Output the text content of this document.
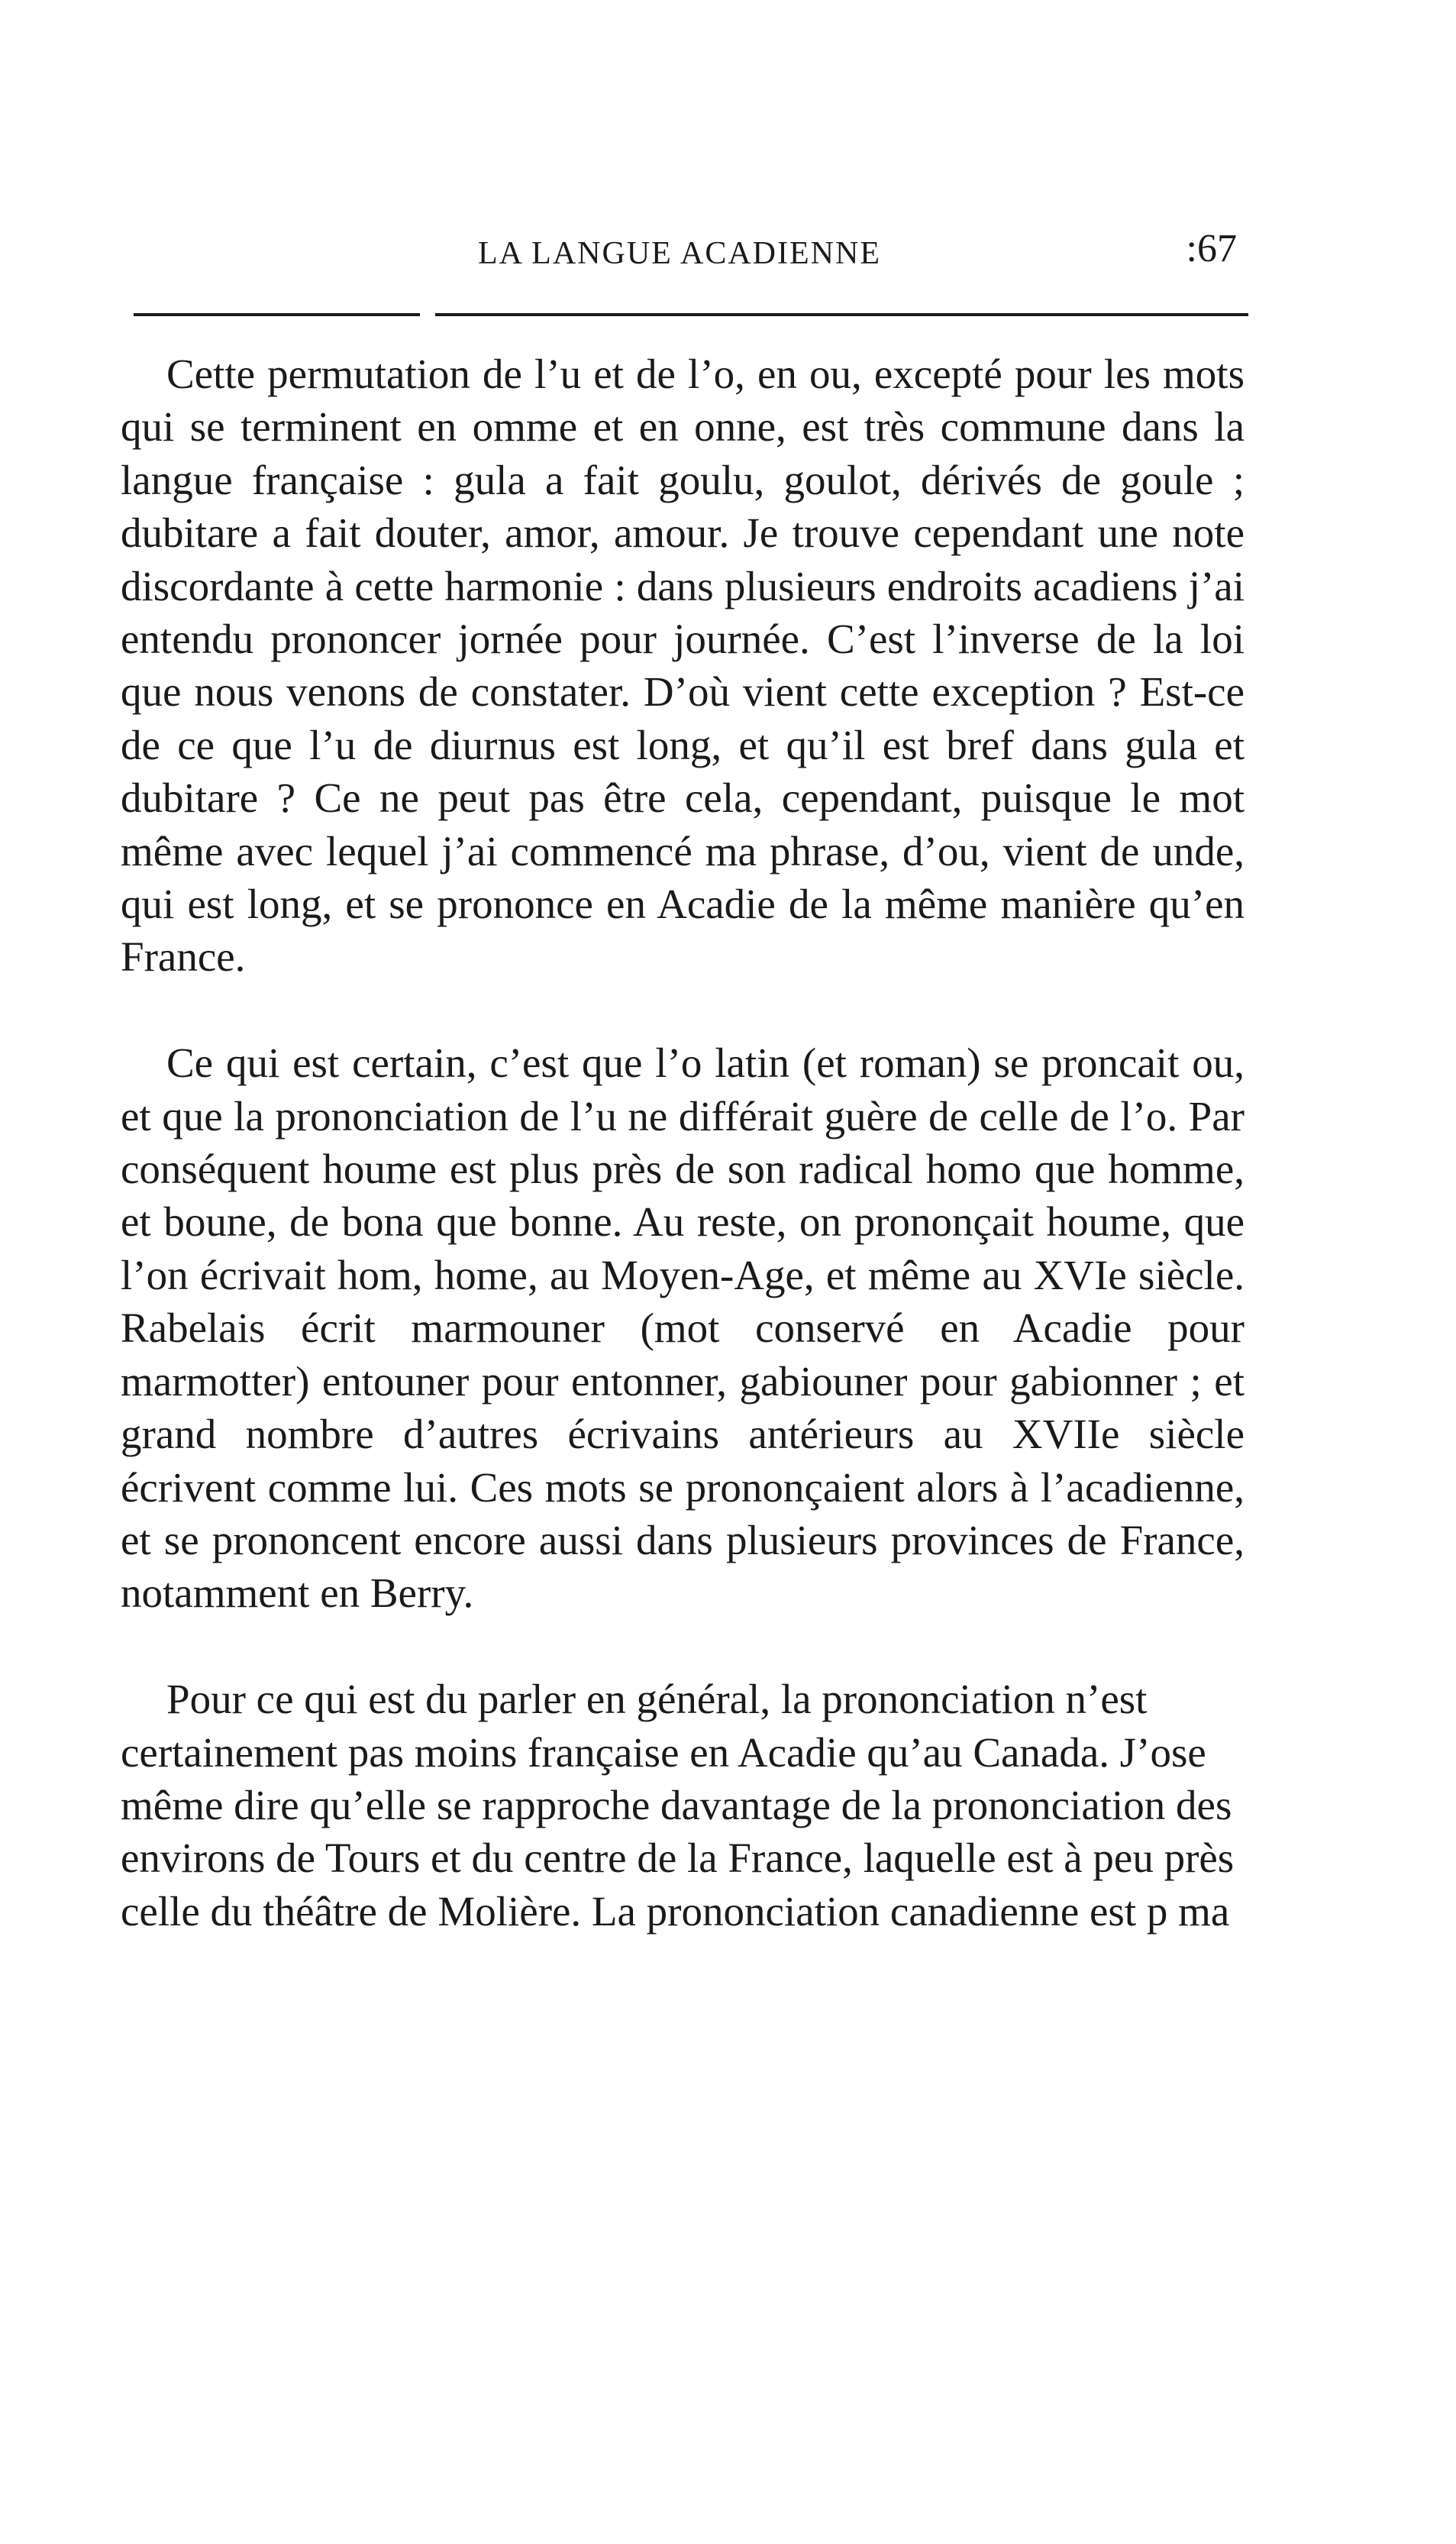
LA LANGUE ACADIENNE	:67

Cette permutation de l’u et de l’o, en ou, excepté pour les mots qui se terminent en omme et en onne, est très commune dans la langue française : gula a fait goulu, goulot, dérivés de goule ; dubitare a fait douter, amor, amour. Je trouve cependant une note discordante à cette harmonie : dans plusieurs endroits acadiens j’ai entendu prononcer jornée pour journée. C’est l’inverse de la loi que nous venons de constater. D’où vient cette exception ? Est-ce de ce que l’u de diurnus est long, et qu’il est bref dans gula et dubitare ? Ce ne peut pas être cela, cependant, puisque le mot même avec lequel j’ai commencé ma phrase, d’ou, vient de unde, qui est long, et se prononce en Acadie de la même manière qu’en France.

Ce qui est certain, c’est que l’o latin (et roman) se proncait ou, et que la prononciation de l’u ne différait guère de celle de l’o. Par conséquent houme est plus près de son radical homo que homme, et boune, de bona que bonne. Au reste, on prononçait houme, que l’on écrivait hom, home, au Moyen-Age, et même au XVIe siècle. Rabelais écrit marmouner (mot conservé en Acadie pour marmotter) entouner pour entonner, gabiouner pour gabionner ; et grand nombre d’autres écrivains antérieurs au XVIIe siècle écrivent comme lui. Ces mots se prononçaient alors à l’acadienne, et se prononcent encore aussi dans plusieurs provinces de France, notamment en Berry.

Pour ce qui est du parler en général, la prononciation n’est certainement pas moins française en Acadie qu’au Canada. J’ose même dire qu’elle se rapproche davantage de la prononciation des environs de Tours et du centre de la France, laquelle est à peu près celle du théâtre de Molière. La prononciation canadienne est p ma
